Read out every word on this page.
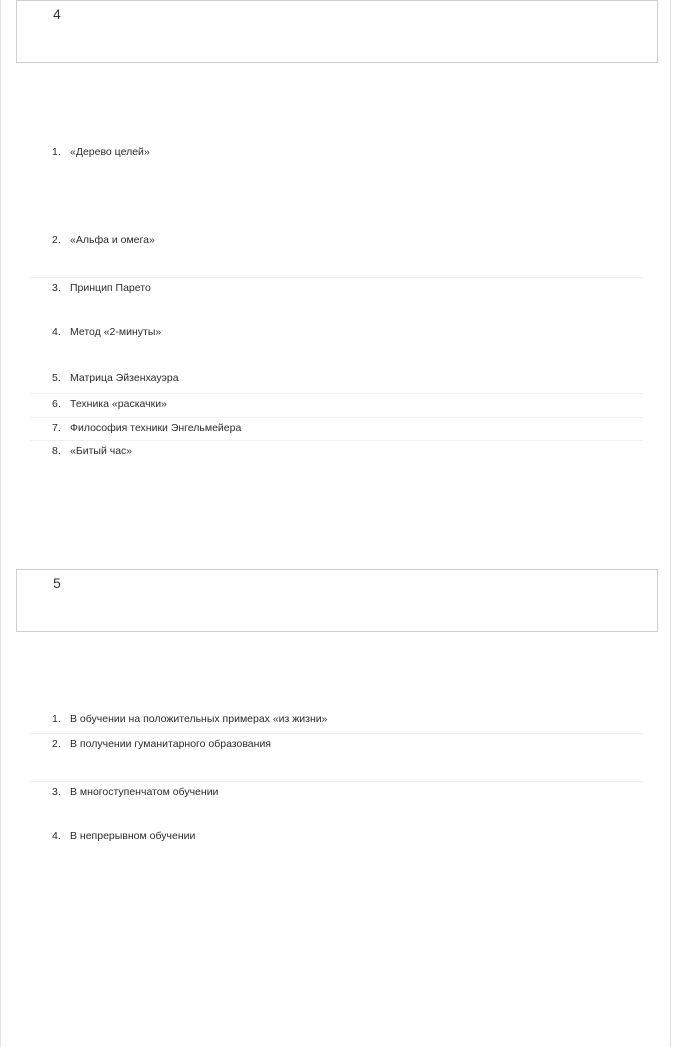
4
1. «Дерево целей»
2. «Альфа и омега»
3. Принцип Парето
4. Метод «2-минуты»
5. Матрица Эйзенхауэра
6. Техника «раскачки»
7. Философия техники Энгельмейера
8. «Битый час»
5
1. В обучении на положительных примерах «из жизни»
2. В получении гуманитарного образования
3. В многоступенчатом обучении
4. В непрерывном обучении
